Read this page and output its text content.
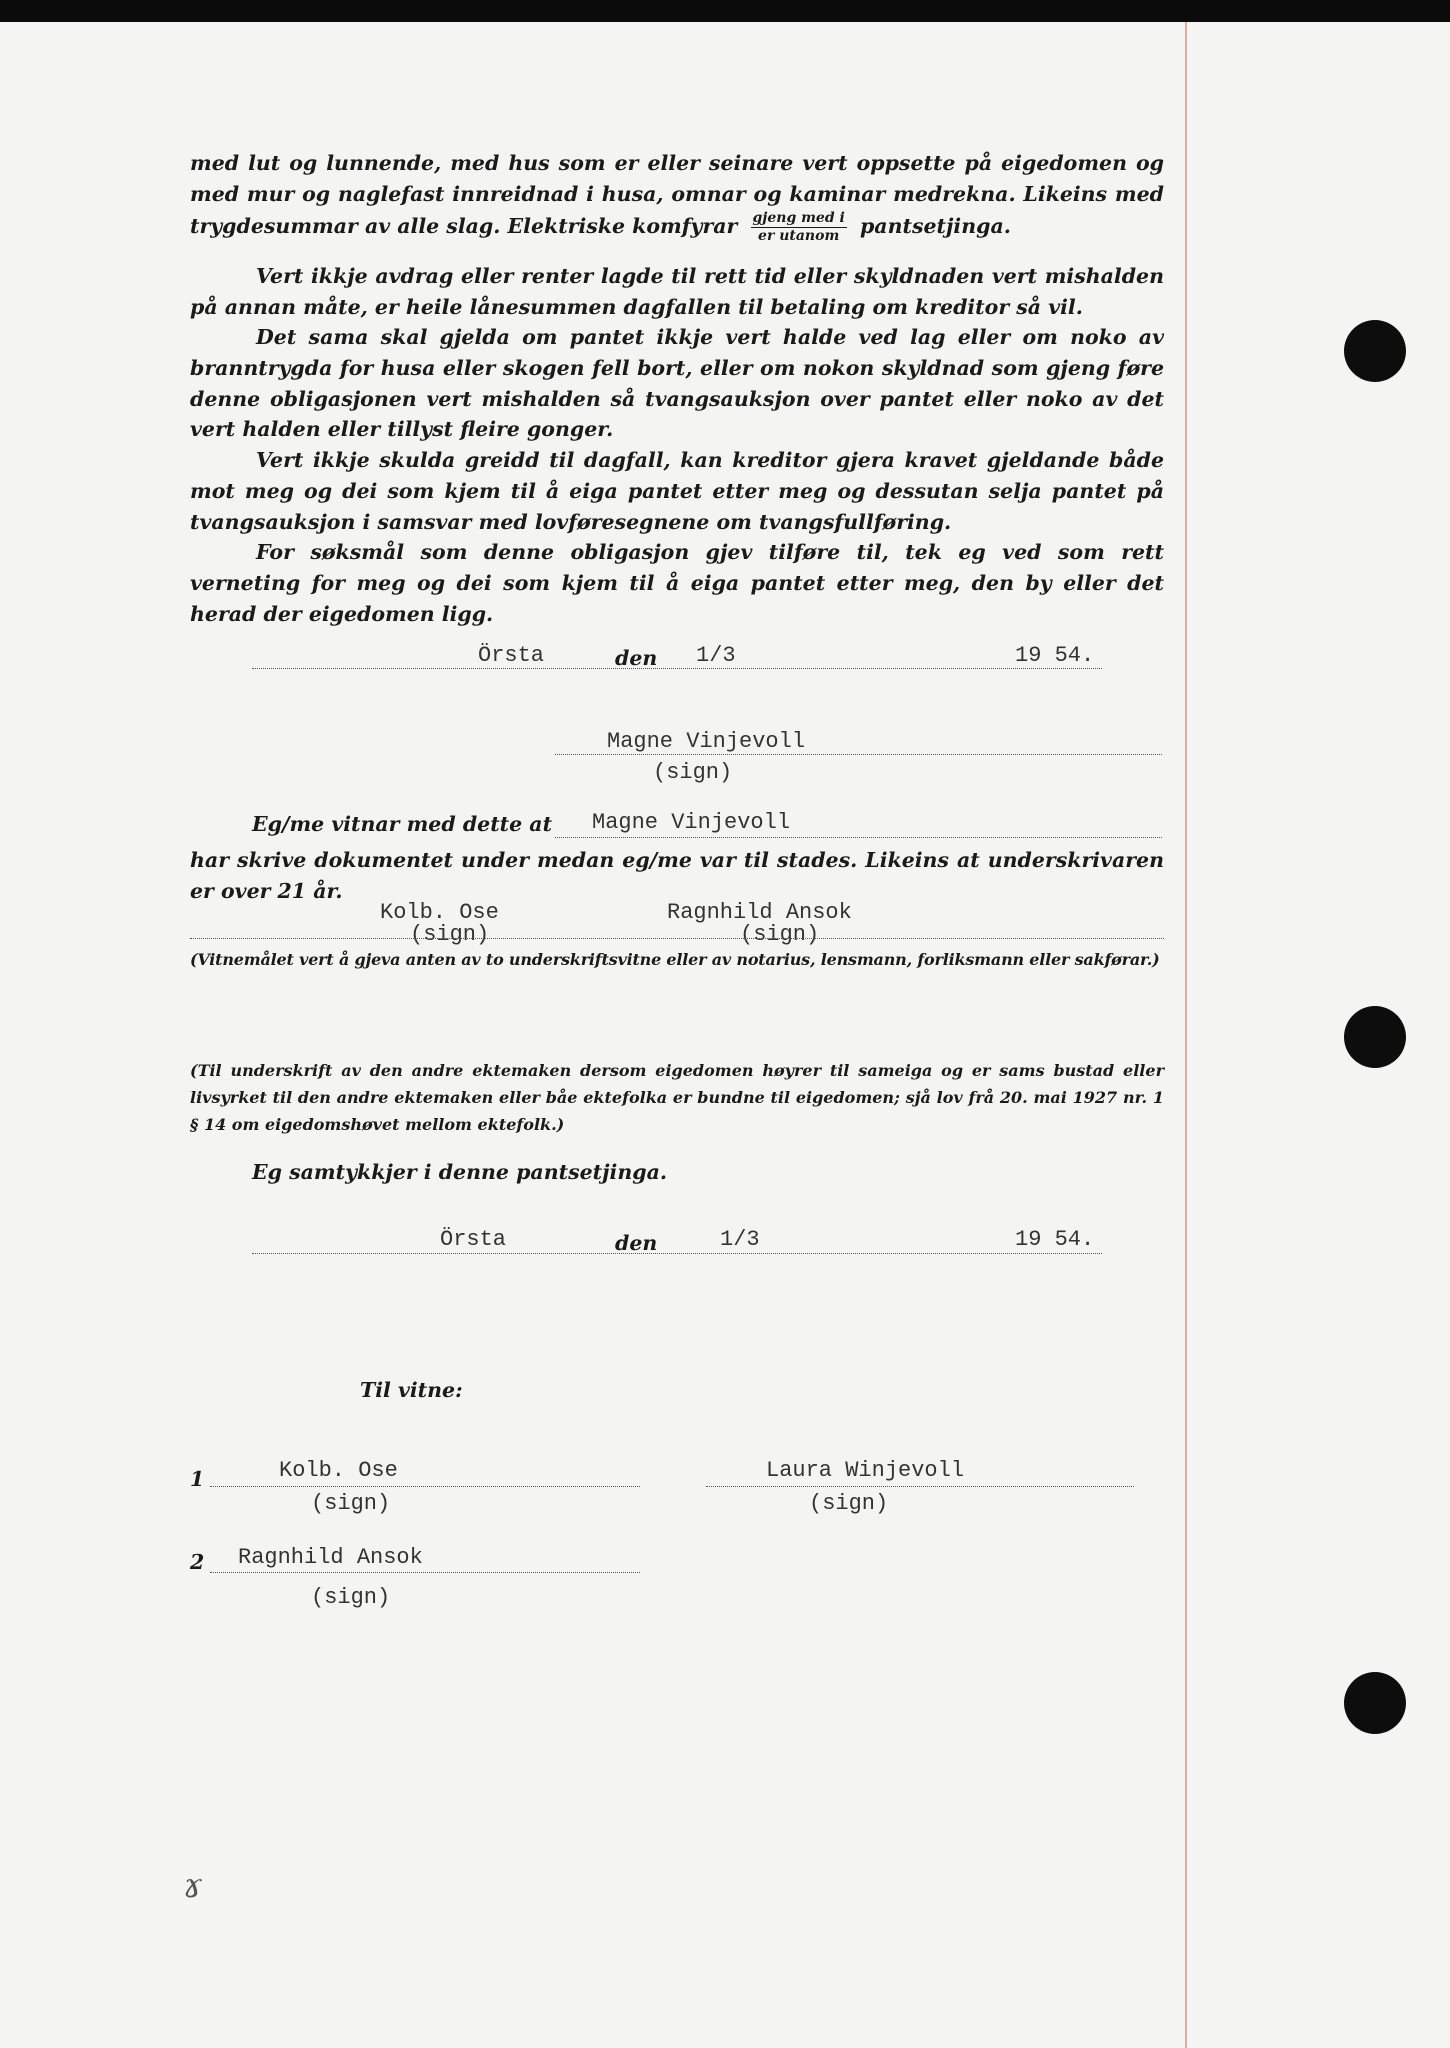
med lut og lunnende, med hus som er eller seinare vert oppsette på eigedomen og med mur og naglefast innreidnad i husa, omnar og kaminar medrekna. Likeins med trygdesummar av alle slag. Elektriske komfyrar $\frac{\text{gjeng med i}}{\text{er utanom}}$ pantsetjinga.

Vert ikkje avdrag eller renter lagde til rett tid eller skyldnaden vert mishalden på annan måte, er heile lånesummen dagfallen til betaling om kreditor så vil.

Det sama skal gjelda om pantet ikkje vert halde ved lag eller om noko av branntrygda for husa eller skogen fell bort, eller om nokon skyldnad som gjeng føre denne obligasjonen vert mishalden så tvangsauksjon over pantet eller noko av det vert halden eller tillyst fleire gonger.

Vert ikkje skulda greidd til dagfall, kan kreditor gjera kravet gjeldande både mot meg og dei som kjem til å eiga pantet etter meg og dessutan selja pantet på tvangsauksjon i samsvar med lovføresegnene om tvangsfullføring.

For søksmål som denne obligasjon gjev tilføre til, tek eg ved som rett verneting for meg og dei som kjem til å eiga pantet etter meg, den by eller det herad der eigedomen ligg.

Örsta	den 1/3	19 54.
Magne Vinjevoll
(sign)
Eg/me vitnar med dette at Magne Vinjevoll

har skrive dokumentet under medan eg/me var til stades. Likeins at underskrivaren er over 21 år.

Kolb. Ose
(sign)
Ragnhild Ansok
(sign)

(Vitnemålet vert å gjeva anten av to underskriftsvitne eller av notarius, lensmann, forliksmann eller sakførar.)

(Til underskrift av den andre ektemaken dersom eigedomen høyrer til sameiga og er sams bustad eller livsyrket til den andre ektemaken eller båe ektefolka er bundne til eigedomen; sjå lov frå 20. mai 1927 nr. 1 § 14 om eigedomshøvet mellom ektefolk.)

Eg samtykkjer i denne pantsetjinga.
Örsta	den	1/3	19 54.
Til vitne:
1	Kolb. Ose
(sign)
Laura Winjevoll
(sign)
2 Ragnhild Ansok
(sign)
ɤ
